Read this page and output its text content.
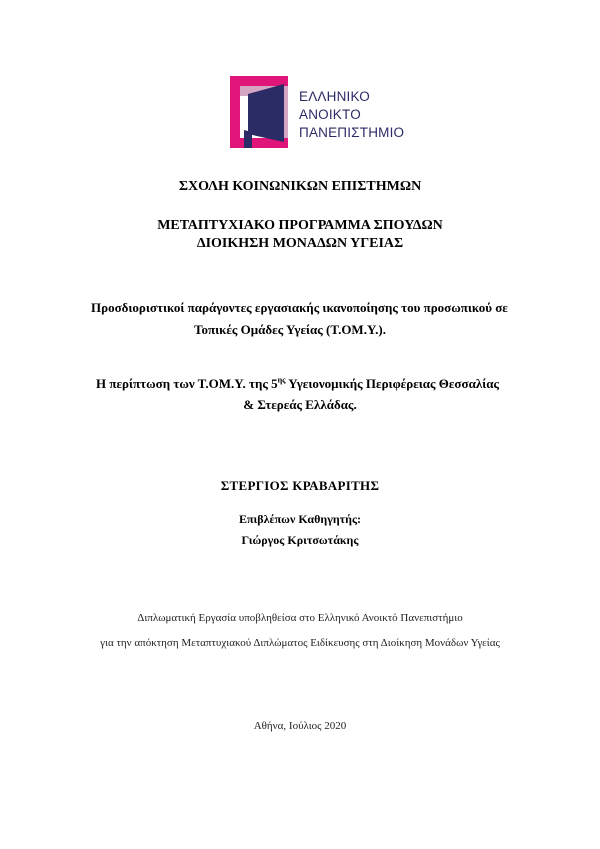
ΕΛΛΗΝΙΚΟ
ΑΝΟΙΚΤΟ
ΠΑΝΕΠΙΣΤΗΜΙΟ
ΣΧΟΛΗ ΚΟΙΝΩΝΙΚΩΝ ΕΠΙΣΤΗΜΩΝ
ΜΕΤΑΠΤΥΧΙΑΚΟ ΠΡΟΓΡΑΜΜΑ ΣΠΟΥΔΩΝ
ΔΙΟΙΚΗΣΗ ΜΟΝΑΔΩΝ ΥΓΕΙΑΣ
Προσδιοριστικοί παράγοντες εργασιακής ικανοποίησης του προσωπικού σε
Τοπικές Ομάδες Υγείας (Τ.ΟΜ.Υ.).
Η περίπτωση των Τ.ΟΜ.Υ. της $5^{\eta\varsigma}$ Υγειονομικής Περιφέρειας Θεσσαλίας
& Στερεάς Ελλάδας.
ΣΤΕΡΓΙΟΣ ΚΡΑΒΑΡΙΤΗΣ
Επιβλέπων Καθηγητής:
Γιώργος Κριτσωτάκης
Διπλωματική Εργασία υποβληθείσα στο Ελληνικό Ανοικτό Πανεπιστήμιο
για την απόκτηση Μεταπτυχιακού Διπλώματος Ειδίκευσης στη Διοίκηση Μονάδων Υγείας
Αθήνα, Ιούλιος 2020
